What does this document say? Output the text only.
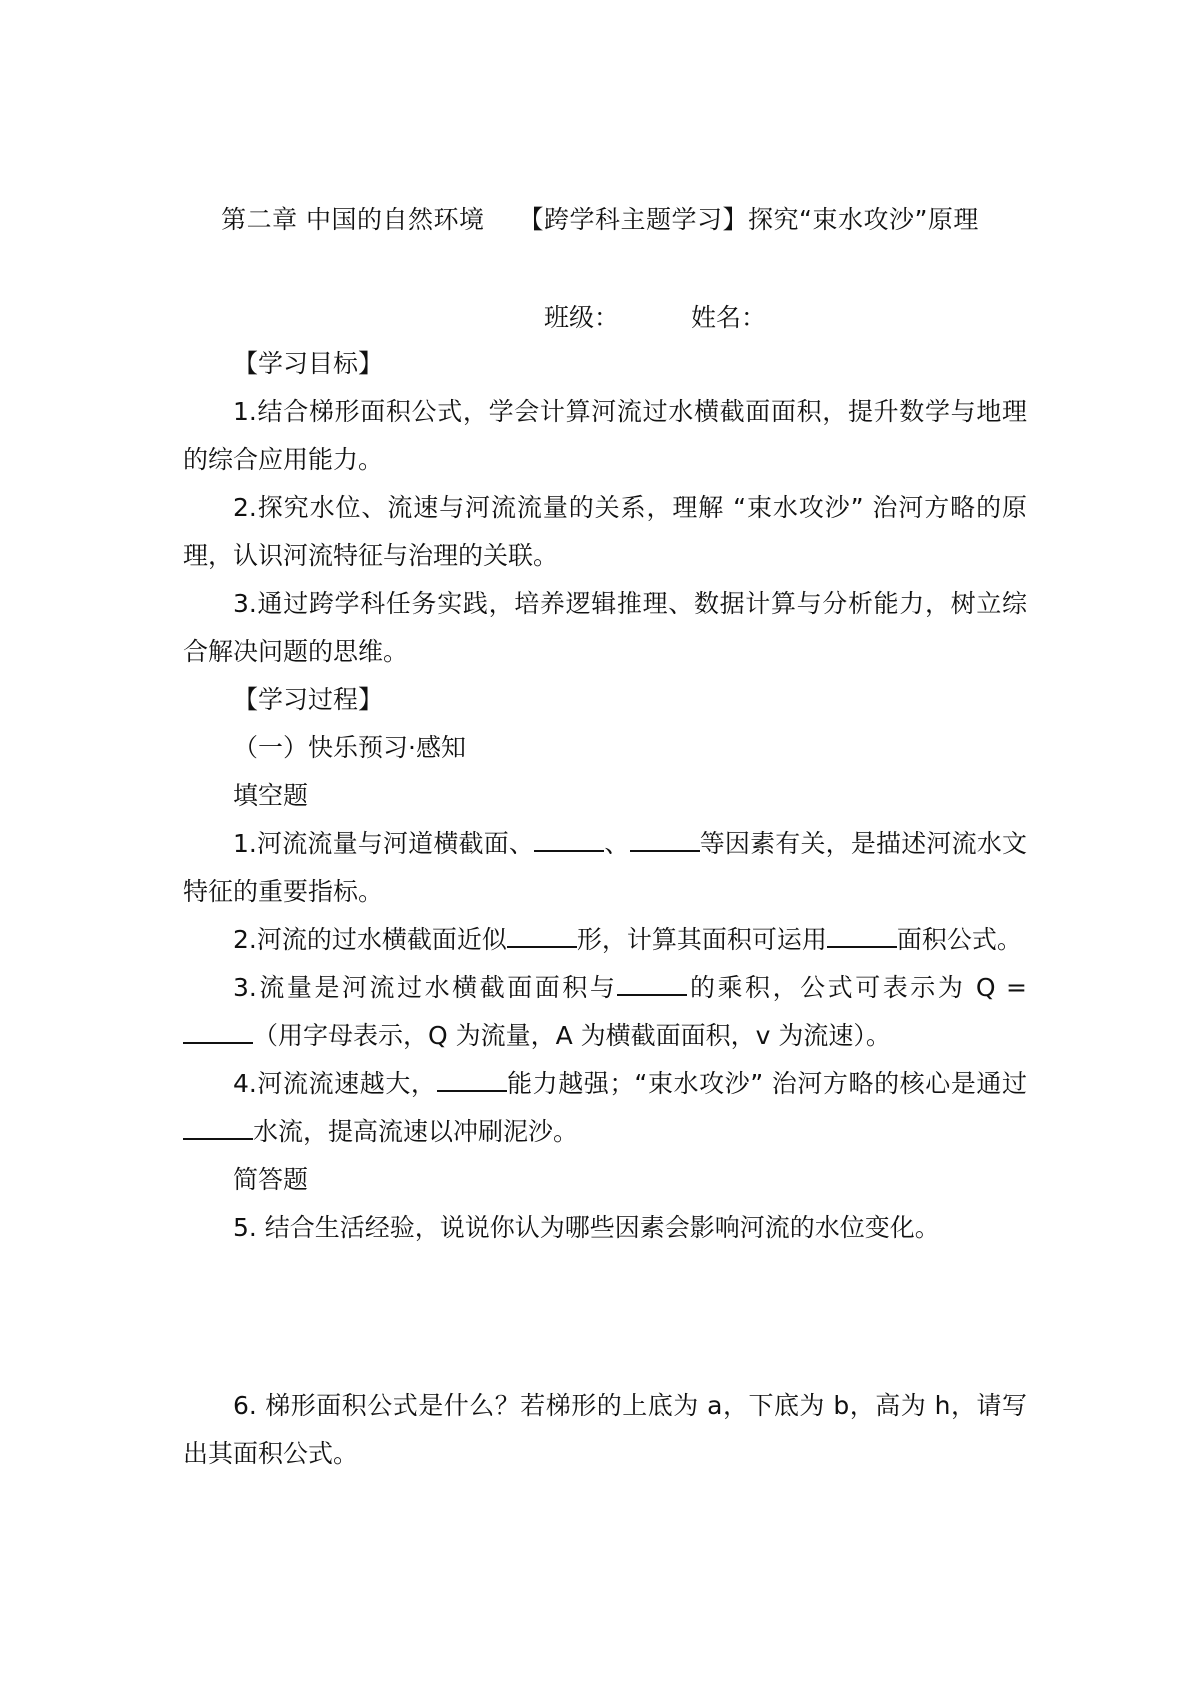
第二章 中国的自然环境 【跨学科主题学习】探究“束水攻沙”原理
班级：	姓名：

【学习目标】

1.结合梯形面积公式，学会计算河流过水横截面面积，提升数学与地理的综合应用能力。

2.探究水位、流速与河流流量的关系，理解 “束水攻沙” 治河方略的原理，认识河流特征与治理的关联。

3.通过跨学科任务实践，培养逻辑推理、数据计算与分析能力，树立综合解决问题的思维。

【学习过程】

（一）快乐预习·感知

填空题

1.河流流量与河道横截面、	、	等因素有关，是描述河流水文特征的重要指标。

2.河流的过水横截面近似	形，计算其面积可运用	面积公式。

3.流量是河流过水横截面面积与	的乘积，公式可表示为 Q =（用字母表示，Q 为流量，A 为横截面面积，v 为流速）。

4.河流流速越大，	能力越强；“束水攻沙” 治河方略的核心是通过水流，提高流速以冲刷泥沙。

简答题

5. 结合生活经验，说说你认为哪些因素会影响河流的水位变化。

6. 梯形面积公式是什么？若梯形的上底为 a，下底为 b，高为 h，请写出其面积公式。
